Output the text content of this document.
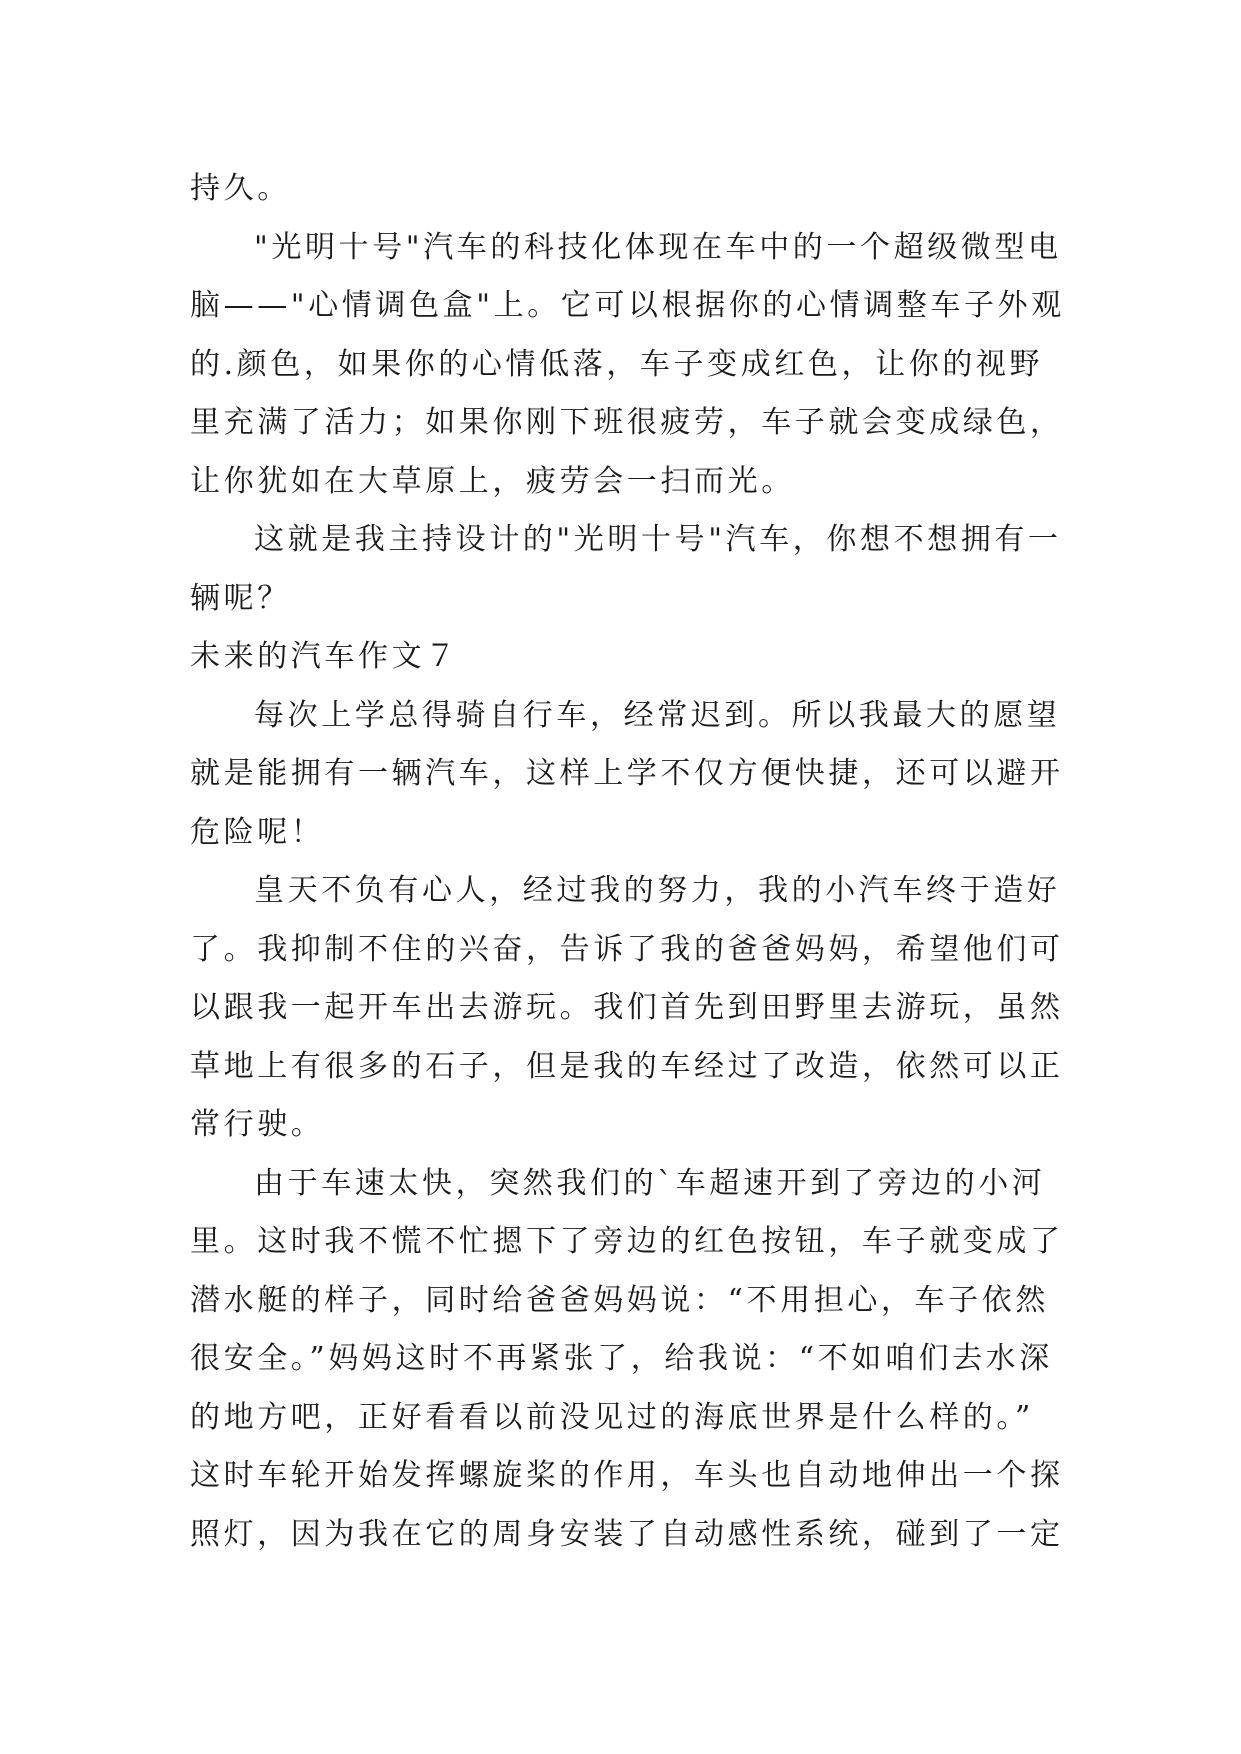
持久。
"光明十号"汽车的科技化体现在车中的一个超级微型电
脑——"心情调色盒"上。它可以根据你的心情调整车子外观
的.颜色，如果你的心情低落，车子变成红色，让你的视野
里充满了活力；如果你刚下班很疲劳，车子就会变成绿色，
让你犹如在大草原上，疲劳会一扫而光。
这就是我主持设计的"光明十号"汽车，你想不想拥有一
辆呢？
未来的汽车作文７
每次上学总得骑自行车，经常迟到。所以我最大的愿望
就是能拥有一辆汽车，这样上学不仅方便快捷，还可以避开
危险呢！
皇天不负有心人，经过我的努力，我的小汽车终于造好
了。我抑制不住的兴奋，告诉了我的爸爸妈妈，希望他们可
以跟我一起开车出去游玩。我们首先到田野里去游玩，虽然
草地上有很多的石子，但是我的车经过了改造，依然可以正
常行驶。
由于车速太快，突然我们的`车超速开到了旁边的小河
里。这时我不慌不忙摁下了旁边的红色按钮，车子就变成了
潜水艇的样子，同时给爸爸妈妈说：“不用担心，车子依然
很安全。”妈妈这时不再紧张了，给我说：“不如咱们去水深
的地方吧，正好看看以前没见过的海底世界是什么样的。”
这时车轮开始发挥螺旋桨的作用，车头也自动地伸出一个探
照灯，因为我在它的周身安装了自动感性系统，碰到了一定
